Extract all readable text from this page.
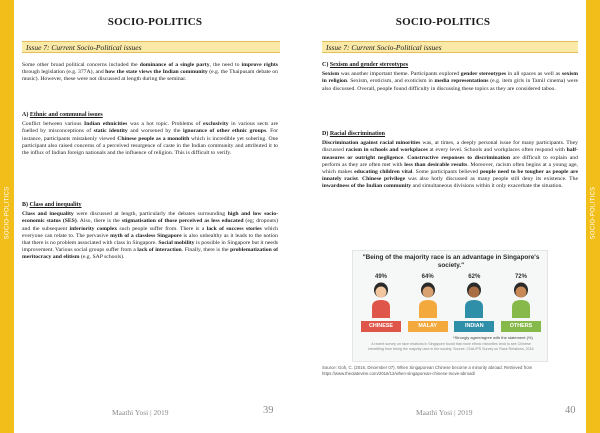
SOCIO-POLITICS
SOCIO-POLITICS
Issue 7: Current Socio-Political issues

Some other broad political concerns included the dominance of a single party, the need to improve rights through legislation (e.g. 377A), and how the state views the Indian community (e.g. the Thaipusam debate on music). However, these were not discussed at length during the seminar.

A) Ethnic and communal issues

Conflict between various Indian ethnicities was a hot topic. Problems of exclusivity in various sects are fuelled by misconceptions of static identity and worsened by the ignorance of other ethnic groups. For instance, participants mistakenly viewed Chinese people as a monolith which is incredible yet sobering. One participant also raised concerns of a perceived resurgence of caste in the Indian community and attributed it to the influx of Indian foreign nationals and the influence of religion. This is difficult to verify.

B) Class and inequality

Class and inequality were discussed at length, particularly the debates surrounding high and low socio-economic status (SES). Also, there is the stigmatisation of those perceived as less educated (eg; dropouts) and the subsequent inferiority complex such people suffer from. There is a lack of success stories which everyone can relate to. The pervasive myth of a classless Singapore is also unhealthy as it leads to the notion that there is no problem associated with class in Singapore. Social mobility is possible in Singapore but it needs improvement. Various social groups suffer from a lack of interaction. Finally, there is the problematization of meritocracy and elitism (e.g. SAP schools).

Maathi Yosi | 2019	39
SOCIO-POLITICS
SOCIO-POLITICS
Issue 7: Current Socio-Political issues
C) Sexism and gender stereotypes

Sexism was another important theme. Participants explored gender stereotypes in all spaces as well as sexism in religion. Sexism, eroticism, and exoticism in media representations (e.g. item girls in Tamil cinema) were also discussed. Overall, people found difficulty in discussing these topics as they are considered taboo.

D) Racial discrimination

Discrimination against racial minorities was, at times, a deeply personal issue for many participants. They discussed racism in schools and workplaces at every level. Schools and workplaces often respond with half-measures or outright negligence. Constructive responses to discrimination are difficult to explain and perform as they are often met with less than desirable results. Moreover, racism often begins at a young age, which makes educating children vital. Some participants believed people need to be tougher as people are innately racist. Chinese privilege was also hotly discussed as many people still deny its existence. The inwardness of the Indian community and simultaneous divisions within it only exacerbate the situation.

"Being of the majority race is an advantage in Singapore's society."
49%
CHINESE
64%
MALAY
62%
INDIAN
72%
OTHERS
*Strongly agree/agree with the statement (%)
A recent survey on race relations in Singapore found that more ethnic minorities tend to see Chinese benefiting from being the majority race in the society. Source: CNA-IPS Survey on Race Relations, 2016
Source: Goh, C. (2016, December 07). When Singaporean Chinese become a minority abroad. Retrieved from https://www.theolatevine.com/2016/12/when-singaporean-chinese-move-abroad/
Maathi Yosi | 2019	40
